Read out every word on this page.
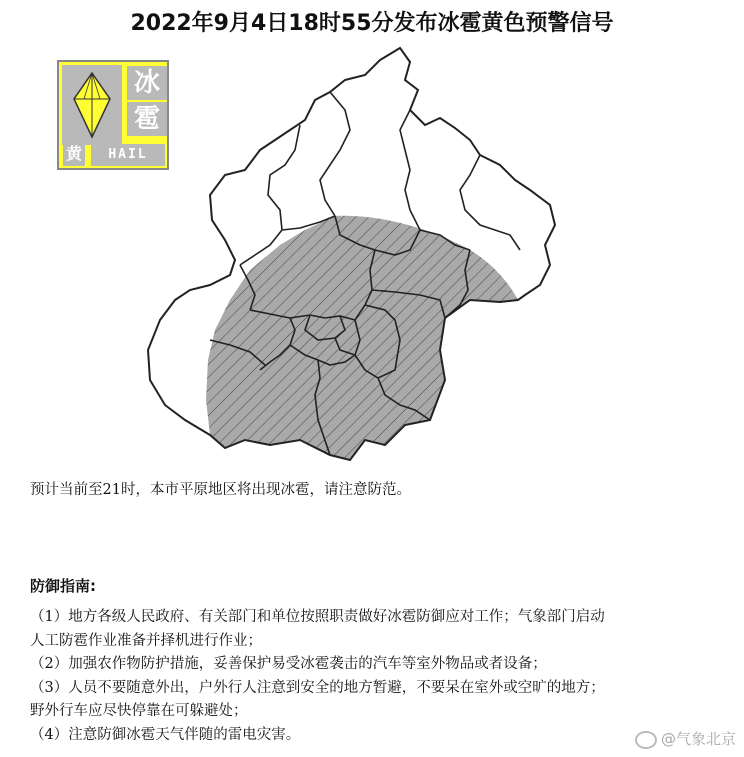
2022年9月4日18时55分发布冰雹黄色预警信号
冰
雹
黄	HAIL
预计当前至21时，本市平原地区将出现冰雹，请注意防范。
防御指南:
（1）地方各级人民政府、有关部门和单位按照职责做好冰雹防御应对工作；气象部门启动
人工防雹作业准备并择机进行作业；
（2）加强农作物防护措施，妥善保护易受冰雹袭击的汽车等室外物品或者设备；
（3）人员不要随意外出，户外行人注意到安全的地方暂避，不要呆在室外或空旷的地方；
野外行车应尽快停靠在可躲避处；
（4）注意防御冰雹天气伴随的雷电灾害。	@气象北京
